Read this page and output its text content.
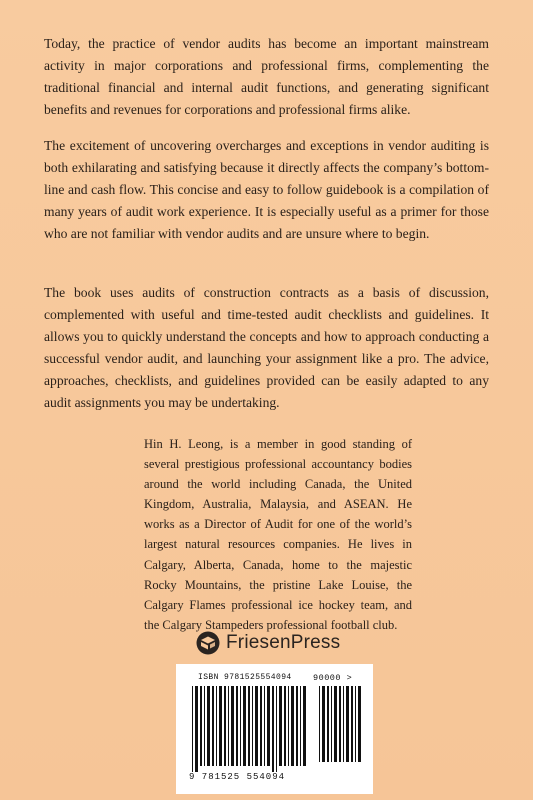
Today, the practice of vendor audits has become an important mainstream activity in major corporations and professional firms, complementing the traditional financial and internal audit functions, and generating significant benefits and revenues for corporations and professional firms alike.

The excitement of uncovering overcharges and exceptions in vendor auditing is both exhilarating and satisfying because it directly affects the company’s bottom-line and cash flow. This concise and easy to follow guidebook is a compilation of many years of audit work experience. It is especially useful as a primer for those who are not familiar with vendor audits and are unsure where to begin.

The book uses audits of construction contracts as a basis of discussion, complemented with useful and time-tested audit checklists and guidelines. It allows you to quickly understand the concepts and how to approach conducting a successful vendor audit, and launching your assignment like a pro. The advice, approaches, checklists, and guidelines provided can be easily adapted to any audit assignments you may be undertaking.

Hin H. Leong, is a member in good standing of several prestigious professional accountancy bodies around the world including Canada, the United Kingdom, Australia, Malaysia, and ASEAN. He works as a Director of Audit for one of the world’s largest natural resources companies. He lives in Calgary, Alberta, Canada, home to the majestic Rocky Mountains, the pristine Lake Louise, the Calgary Flames professional ice hockey team, and the Calgary Stampeders professional football club.

FriesenPress
ISBN 9781525554094	90000 >
9 781525 554094
